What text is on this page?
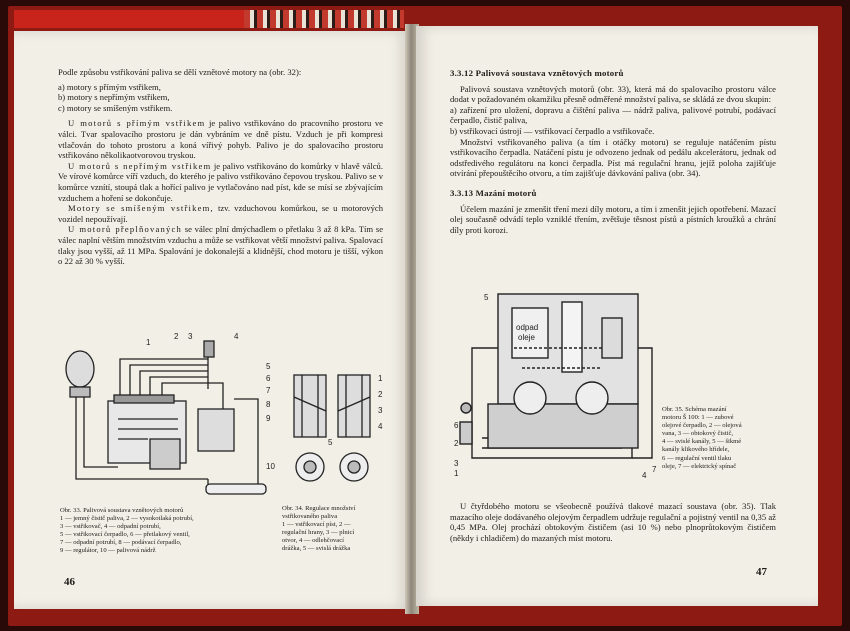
Podle způsobu vstřikování paliva se dělí vznětové motory na (obr. 32):

a) motory s přímým vstřikem,

b) motory s nepřímým vstřikem,

c) motory se smíšeným vstřikem.

U motorů s přímým vstřikem je palivo vstřikováno do pracovního prostoru ve válci. Tvar spalovacího prostoru je dán vybráním ve dně pístu. Vzduch je při kompresi vtlačován do tohoto prostoru a koná vířivý pohyb. Palivo je do spalovacího prostoru vstřikováno několikaotvorovou tryskou.

U motorů s nepřímým vstřikem je palivo vstřikováno do komůrky v hlavě válců. Ve vírové komůrce víří vzduch, do kterého je palivo vstřikováno čepovou tryskou. Palivo se v komůrce vznítí, stoupá tlak a hořící palivo je vytlačováno nad píst, kde se mísí se zbývajícím vzduchem a hoření se dokončuje.

Motory se smíšeným vstřikem, tzv. vzduchovou komůrkou, se u motorových vozidel nepoužívají.

U motorů přeplňovaných se válec plní dmýchadlem o přetlaku 3 až 8 kPa. Tím se válec naplní větším množstvím vzduchu a může se vstřikovat větší množství paliva. Spalovací tlaky jsou vyšší, až 11 MPa. Spalování je dokonalejší a klidnější, chod motoru je tišší, výkon o 22 až 30 % vyšší.

1
2 3	4
5
6
7
8
9
10
1
2
3
4
5

Obr. 33. Palivová soustava vznětových motorů

1 — jemný čistič paliva, 2 — vysokotlaká potrubí,

3 — vstřikovač, 4 — odpadní potrubí,

5 — vstřikovací čerpadlo, 6 — přetlakový ventil,

7 — odpadní potrubí, 8 — podávací čerpadlo,

9 — regulátor, 10 — palivová nádrž

Obr. 34. Regulace množství

vstřikovaného paliva

1 — vstřikovací píst, 2 —

regulační hrany, 3 — plnicí

otvor, 4 — odlehčovací

drážka, 5 — svislá drážka

46

3.3.12 Palivová soustava vznětových motorů

Palivová soustava vznětových motorů (obr. 33), která má do spalovacího prostoru válce dodat v požadovaném okamžiku přesně odměřené množství paliva, se skládá ze dvou skupin:

a) zařízení pro uložení, dopravu a čištění paliva — nádrž paliva, palivové potrubí, podávací čerpadlo, čistič paliva,

b) vstřikovací ústrojí — vstřikovací čerpadlo a vstřikovače.

Množství vstřikovaného paliva (a tím i otáčky motoru) se reguluje natáčením pístu vstřikovacího čerpadla. Natáčení pístu je odvozeno jednak od pedálu akcelerátoru, jednak od odstředivého regulátoru na konci čerpadla. Píst má regulační hranu, jejíž poloha zajišťuje otvírání přepouštěcího otvoru, a tím zajišťuje dávkování paliva (obr. 34).

3.3.13 Mazání motorů

Účelem mazání je zmenšit tření mezi díly motoru, a tím i zmenšit jejich opotřebení. Mazací olej současně odvádí teplo vzniklé třením, zvětšuje těsnost pístů a pístních kroužků a chrání díly proti korozi.

odpad
oleje
1
2
3
4
5
6
7

Obr. 35. Schéma mazání

motoru Š 100: 1 — zubové

olejové čerpadlo, 2 — olejová

vana, 3 — obtokový čistič,

4 — svislé kanály, 5 — šikmé

kanály klikového hřídele,

6 — regulační ventil tlaku

oleje, 7 — elektrický spínač

U čtyřdobého motoru se všeobecně používá tlakové mazací soustava (obr. 35). Tlak mazacího oleje dodávaného olejovým čerpadlem udržuje regulační a pojistný ventil na 0,35 až 0,45 MPa. Olej prochází obtokovým čističem (asi 10 %) nebo plnoprůtokovým čističem (někdy i chladičem) do mazaných míst motoru.

47
